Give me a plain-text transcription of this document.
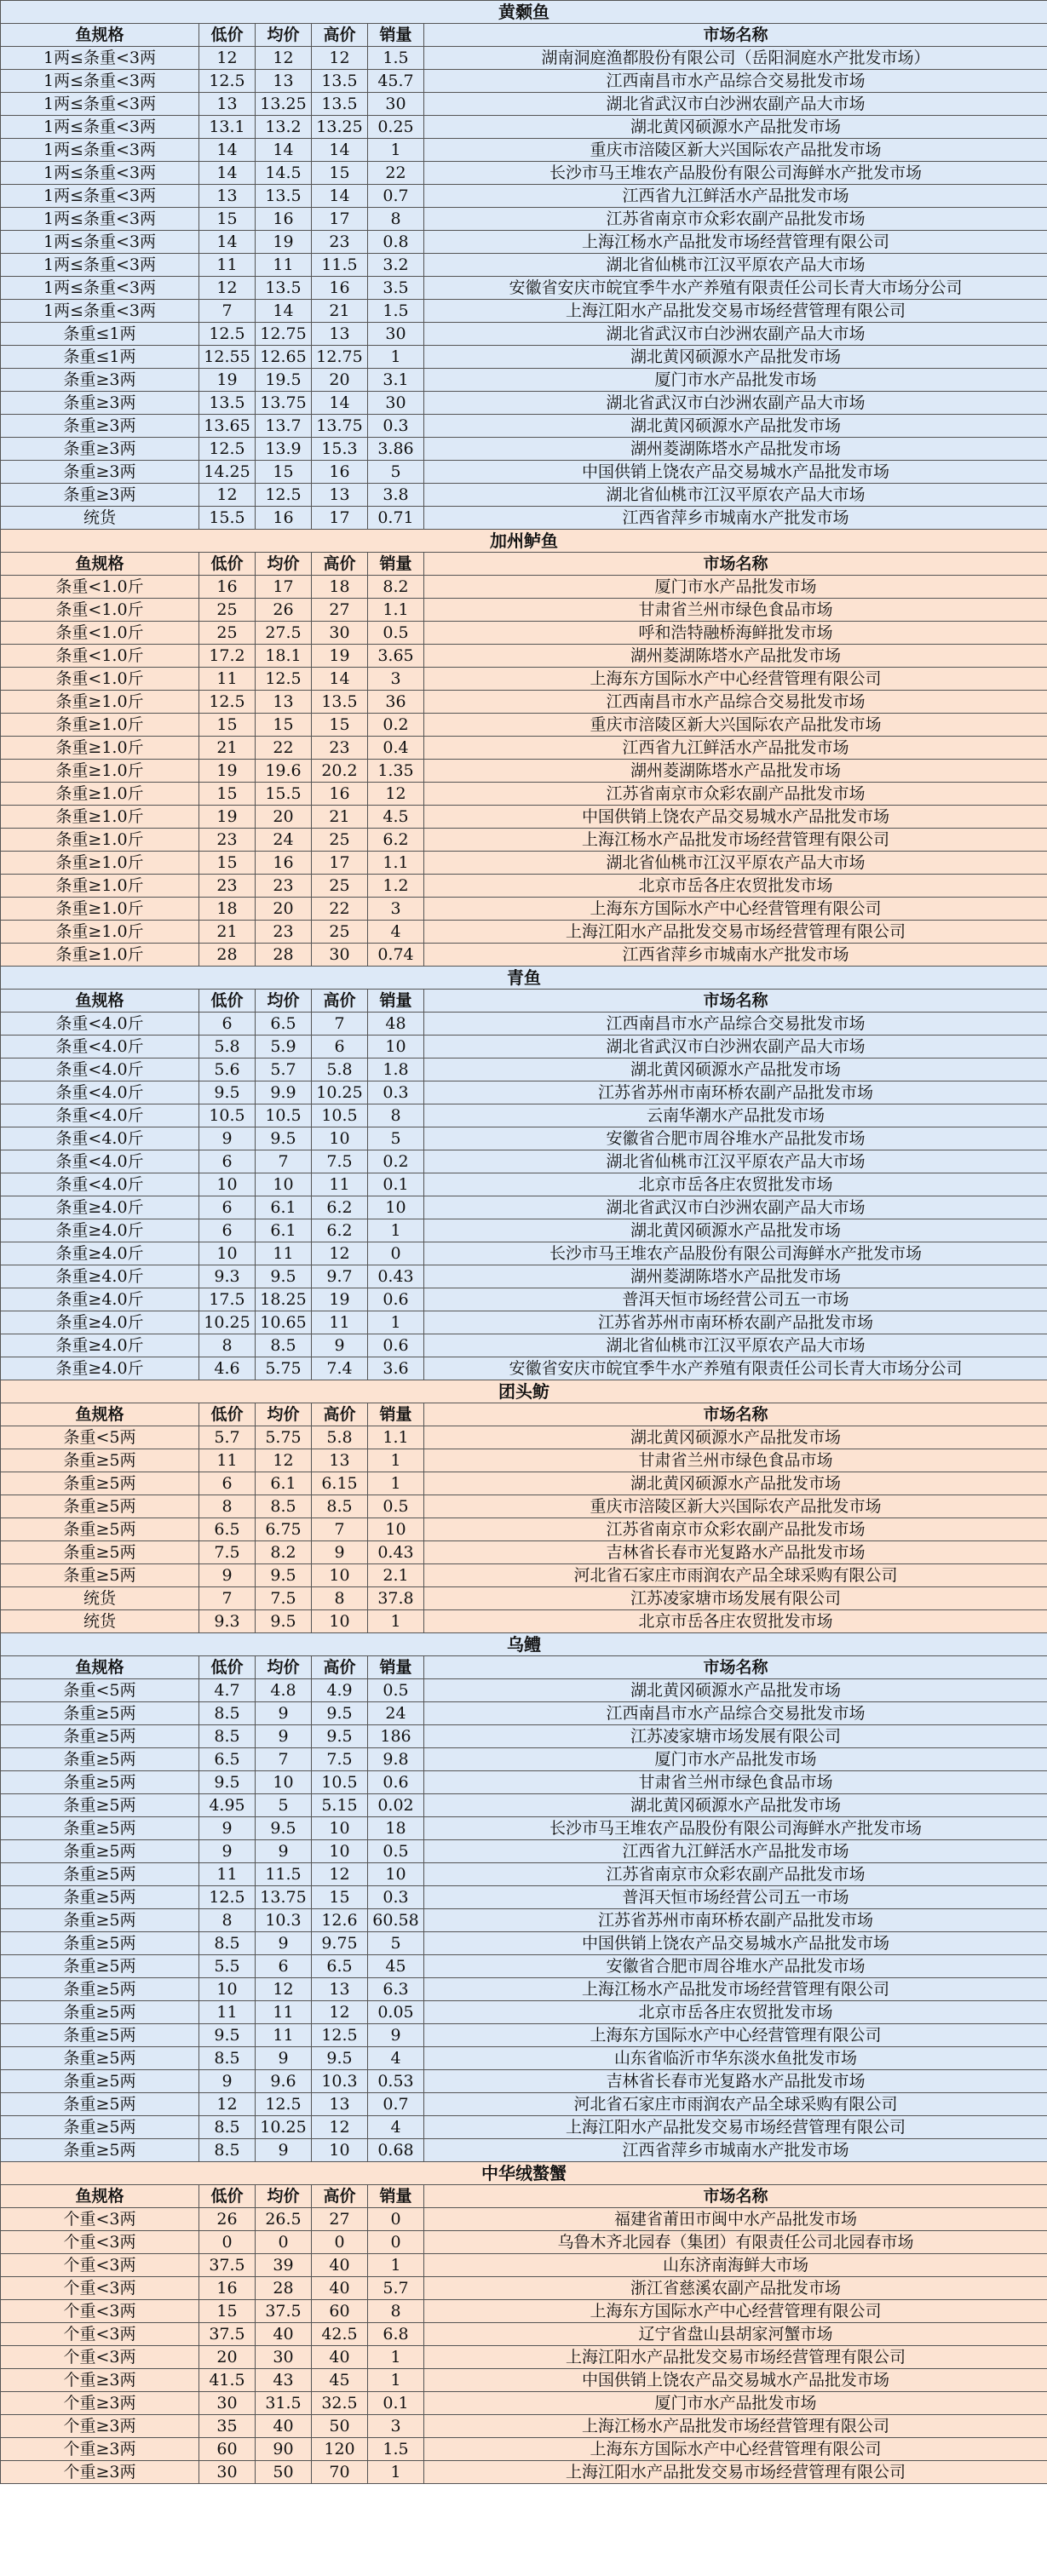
黄颡鱼					
鱼规格	低价	均价	高价	销量	市场名称
1两≤条重<3两	12	12	12	1.5	湖南洞庭渔都股份有限公司（岳阳洞庭水产批发市场）
1两≤条重<3两	12.5	13	13.5	45.7	江西南昌市水产品综合交易批发市场
1两≤条重<3两	13	13.25	13.5	30	湖北省武汉市白沙洲农副产品大市场
1两≤条重<3两	13.1	13.2	13.25	0.25	湖北黄冈硕源水产品批发市场
1两≤条重<3两	14	14	14	1	重庆市涪陵区新大兴国际农产品批发市场
1两≤条重<3两	14	14.5	15	22	长沙市马王堆农产品股份有限公司海鲜水产批发市场
1两≤条重<3两	13	13.5	14	0.7	江西省九江鲜活水产品批发市场
1两≤条重<3两	15	16	17	8	江苏省南京市众彩农副产品批发市场
1两≤条重<3两	14	19	23	0.8	上海江杨水产品批发市场经营管理有限公司
1两≤条重<3两	11	11	11.5	3.2	湖北省仙桃市江汉平原农产品大市场
1两≤条重<3两	12	13.5	16	3.5	安徽省安庆市皖宜季牛水产养殖有限责任公司长青大市场分公司
1两≤条重<3两	7	14	21	1.5	上海江阳水产品批发交易市场经营管理有限公司
条重≤1两	12.5	12.75	13	30	湖北省武汉市白沙洲农副产品大市场
条重≤1两	12.55	12.65	12.75	1	湖北黄冈硕源水产品批发市场
条重≥3两	19	19.5	20	3.1	厦门市水产品批发市场
条重≥3两	13.5	13.75	14	30	湖北省武汉市白沙洲农副产品大市场
条重≥3两	13.65	13.7	13.75	0.3	湖北黄冈硕源水产品批发市场
条重≥3两	12.5	13.9	15.3	3.86	湖州菱湖陈塔水产品批发市场
条重≥3两	14.25	15	16	5	中国供销上饶农产品交易城水产品批发市场
条重≥3两	12	12.5	13	3.8	湖北省仙桃市江汉平原农产品大市场
统货	15.5	16	17	0.71	江西省萍乡市城南水产批发市场
加州鲈鱼					
鱼规格	低价	均价	高价	销量	市场名称
条重<1.0斤	16	17	18	8.2	厦门市水产品批发市场
条重<1.0斤	25	26	27	1.1	甘肃省兰州市绿色食品市场
条重<1.0斤	25	27.5	30	0.5	呼和浩特融桥海鲜批发市场
条重<1.0斤	17.2	18.1	19	3.65	湖州菱湖陈塔水产品批发市场
条重<1.0斤	11	12.5	14	3	上海东方国际水产中心经营管理有限公司
条重≥1.0斤	12.5	13	13.5	36	江西南昌市水产品综合交易批发市场
条重≥1.0斤	15	15	15	0.2	重庆市涪陵区新大兴国际农产品批发市场
条重≥1.0斤	21	22	23	0.4	江西省九江鲜活水产品批发市场
条重≥1.0斤	19	19.6	20.2	1.35	湖州菱湖陈塔水产品批发市场
条重≥1.0斤	15	15.5	16	12	江苏省南京市众彩农副产品批发市场
条重≥1.0斤	19	20	21	4.5	中国供销上饶农产品交易城水产品批发市场
条重≥1.0斤	23	24	25	6.2	上海江杨水产品批发市场经营管理有限公司
条重≥1.0斤	15	16	17	1.1	湖北省仙桃市江汉平原农产品大市场
条重≥1.0斤	23	23	25	1.2	北京市岳各庄农贸批发市场
条重≥1.0斤	18	20	22	3	上海东方国际水产中心经营管理有限公司
条重≥1.0斤	21	23	25	4	上海江阳水产品批发交易市场经营管理有限公司
条重≥1.0斤	28	28	30	0.74	江西省萍乡市城南水产批发市场
青鱼					
鱼规格	低价	均价	高价	销量	市场名称
条重<4.0斤	6	6.5	7	48	江西南昌市水产品综合交易批发市场
条重<4.0斤	5.8	5.9	6	10	湖北省武汉市白沙洲农副产品大市场
条重<4.0斤	5.6	5.7	5.8	1.8	湖北黄冈硕源水产品批发市场
条重<4.0斤	9.5	9.9	10.25	0.3	江苏省苏州市南环桥农副产品批发市场
条重<4.0斤	10.5	10.5	10.5	8	云南华潮水产品批发市场
条重<4.0斤	9	9.5	10	5	安徽省合肥市周谷堆水产品批发市场
条重<4.0斤	6	7	7.5	0.2	湖北省仙桃市江汉平原农产品大市场
条重<4.0斤	10	10	11	0.1	北京市岳各庄农贸批发市场
条重≥4.0斤	6	6.1	6.2	10	湖北省武汉市白沙洲农副产品大市场
条重≥4.0斤	6	6.1	6.2	1	湖北黄冈硕源水产品批发市场
条重≥4.0斤	10	11	12	0	长沙市马王堆农产品股份有限公司海鲜水产批发市场
条重≥4.0斤	9.3	9.5	9.7	0.43	湖州菱湖陈塔水产品批发市场
条重≥4.0斤	17.5	18.25	19	0.6	普洱天恒市场经营公司五一市场
条重≥4.0斤	10.25	10.65	11	1	江苏省苏州市南环桥农副产品批发市场
条重≥4.0斤	8	8.5	9	0.6	湖北省仙桃市江汉平原农产品大市场
条重≥4.0斤	4.6	5.75	7.4	3.6	安徽省安庆市皖宜季牛水产养殖有限责任公司长青大市场分公司
团头鲂					
鱼规格	低价	均价	高价	销量	市场名称
条重<5两	5.7	5.75	5.8	1.1	湖北黄冈硕源水产品批发市场
条重≥5两	11	12	13	1	甘肃省兰州市绿色食品市场
条重≥5两	6	6.1	6.15	1	湖北黄冈硕源水产品批发市场
条重≥5两	8	8.5	8.5	0.5	重庆市涪陵区新大兴国际农产品批发市场
条重≥5两	6.5	6.75	7	10	江苏省南京市众彩农副产品批发市场
条重≥5两	7.5	8.2	9	0.43	吉林省长春市光复路水产品批发市场
条重≥5两	9	9.5	10	2.1	河北省石家庄市雨润农产品全球采购有限公司
统货	7	7.5	8	37.8	江苏凌家塘市场发展有限公司
统货	9.3	9.5	10	1	北京市岳各庄农贸批发市场
乌鳢					
鱼规格	低价	均价	高价	销量	市场名称
条重<5两	4.7	4.8	4.9	0.5	湖北黄冈硕源水产品批发市场
条重≥5两	8.5	9	9.5	24	江西南昌市水产品综合交易批发市场
条重≥5两	8.5	9	9.5	186	江苏凌家塘市场发展有限公司
条重≥5两	6.5	7	7.5	9.8	厦门市水产品批发市场
条重≥5两	9.5	10	10.5	0.6	甘肃省兰州市绿色食品市场
条重≥5两	4.95	5	5.15	0.02	湖北黄冈硕源水产品批发市场
条重≥5两	9	9.5	10	18	长沙市马王堆农产品股份有限公司海鲜水产批发市场
条重≥5两	9	9	10	0.5	江西省九江鲜活水产品批发市场
条重≥5两	11	11.5	12	10	江苏省南京市众彩农副产品批发市场
条重≥5两	12.5	13.75	15	0.3	普洱天恒市场经营公司五一市场
条重≥5两	8	10.3	12.6	60.58	江苏省苏州市南环桥农副产品批发市场
条重≥5两	8.5	9	9.75	5	中国供销上饶农产品交易城水产品批发市场
条重≥5两	5.5	6	6.5	45	安徽省合肥市周谷堆水产品批发市场
条重≥5两	10	12	13	6.3	上海江杨水产品批发市场经营管理有限公司
条重≥5两	11	11	12	0.05	北京市岳各庄农贸批发市场
条重≥5两	9.5	11	12.5	9	上海东方国际水产中心经营管理有限公司
条重≥5两	8.5	9	9.5	4	山东省临沂市华东淡水鱼批发市场
条重≥5两	9	9.6	10.3	0.53	吉林省长春市光复路水产品批发市场
条重≥5两	12	12.5	13	0.7	河北省石家庄市雨润农产品全球采购有限公司
条重≥5两	8.5	10.25	12	4	上海江阳水产品批发交易市场经营管理有限公司
条重≥5两	8.5	9	10	0.68	江西省萍乡市城南水产批发市场
中华绒螯蟹					
鱼规格	低价	均价	高价	销量	市场名称
个重<3两	26	26.5	27	0	福建省莆田市闽中水产品批发市场
个重<3两	0	0	0	0	乌鲁木齐北园春（集团）有限责任公司北园春市场
个重<3两	37.5	39	40	1	山东济南海鲜大市场
个重<3两	16	28	40	5.7	浙江省慈溪农副产品批发市场
个重<3两	15	37.5	60	8	上海东方国际水产中心经营管理有限公司
个重<3两	37.5	40	42.5	6.8	辽宁省盘山县胡家河蟹市场
个重<3两	20	30	40	1	上海江阳水产品批发交易市场经营管理有限公司
个重≥3两	41.5	43	45	1	中国供销上饶农产品交易城水产品批发市场
个重≥3两	30	31.5	32.5	0.1	厦门市水产品批发市场
个重≥3两	35	40	50	3	上海江杨水产品批发市场经营管理有限公司
个重≥3两	60	90	120	1.5	上海东方国际水产中心经营管理有限公司
个重≥3两	30	50	70	1	上海江阳水产品批发交易市场经营管理有限公司
